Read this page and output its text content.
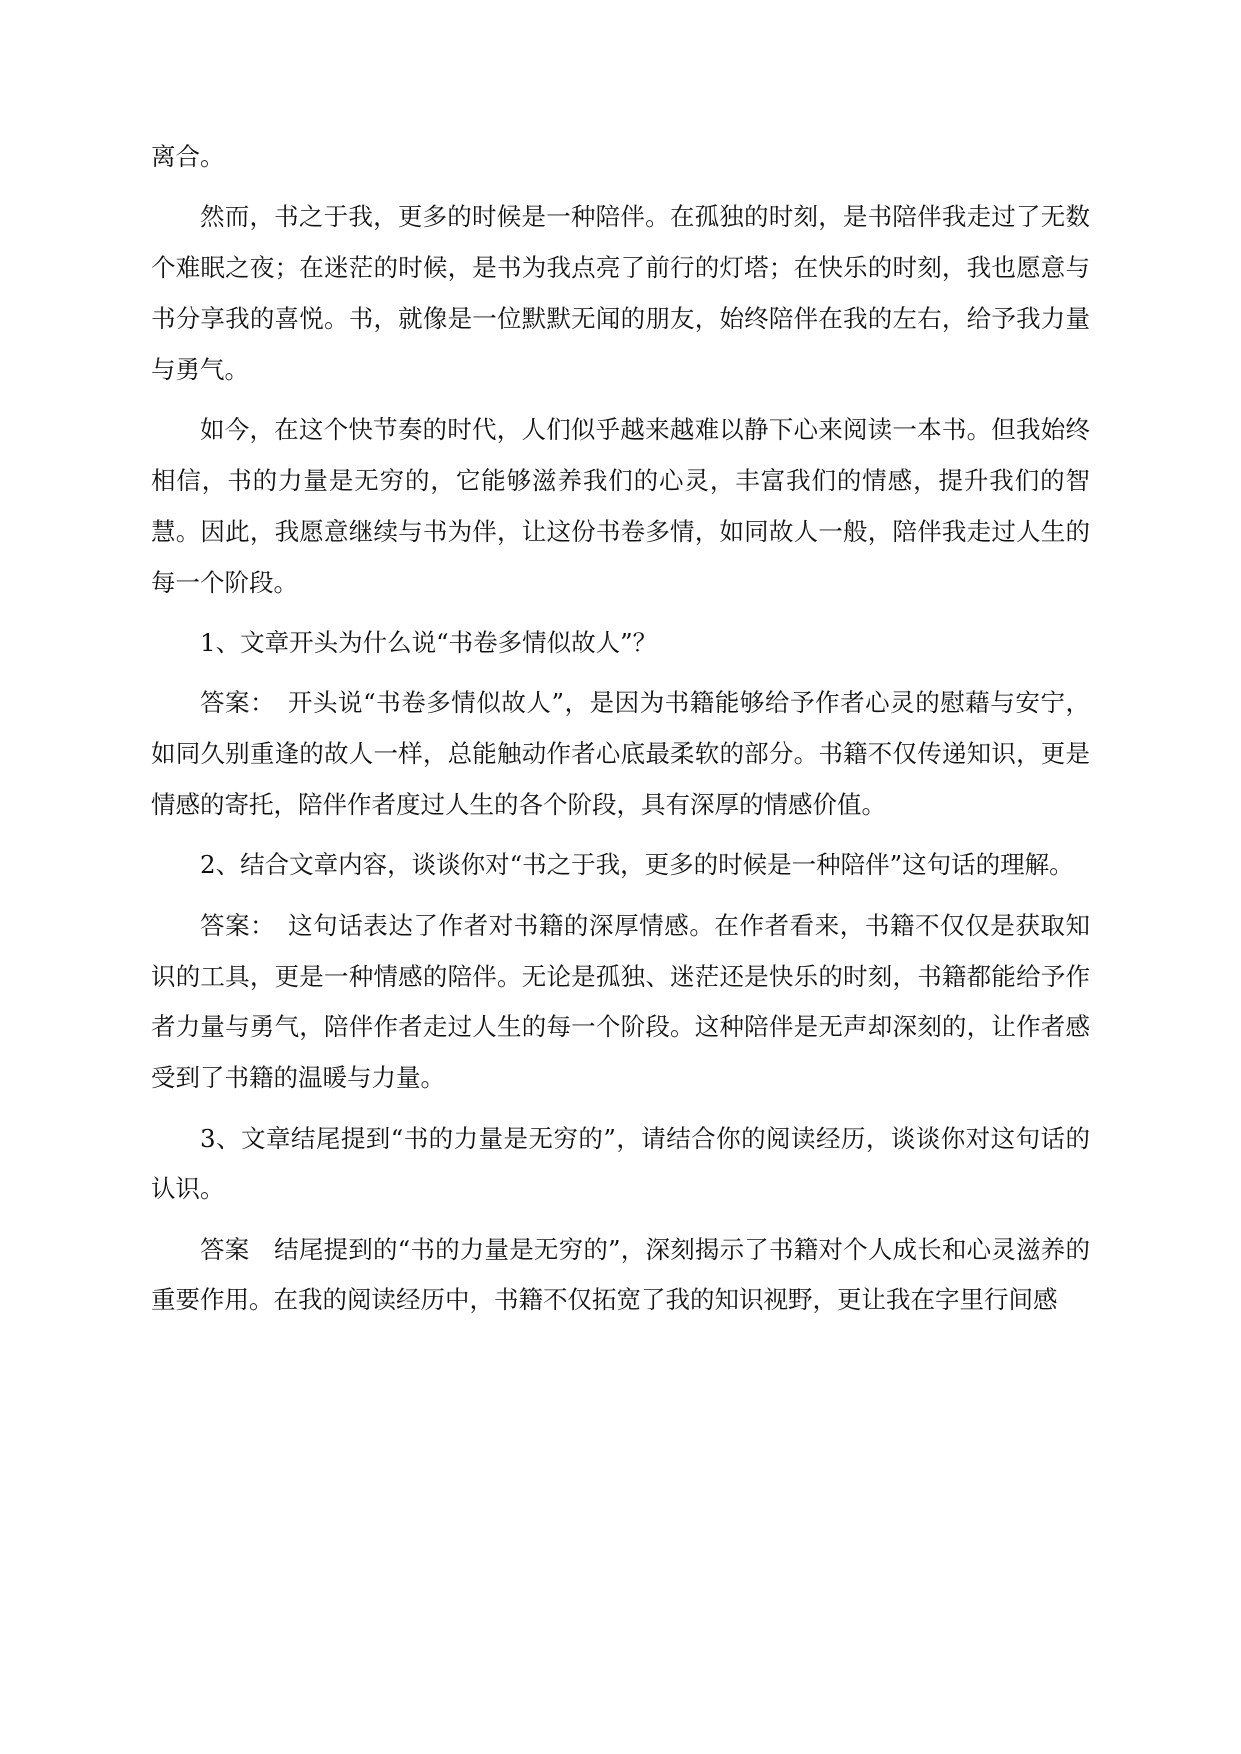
离合。

然而，书之于我，更多的时候是一种陪伴。在孤独的时刻，是书陪伴我走过了无数个难眠之夜；在迷茫的时候，是书为我点亮了前行的灯塔；在快乐的时刻，我也愿意与书分享我的喜悦。书，就像是一位默默无闻的朋友，始终陪伴在我的左右，给予我力量与勇气。

如今，在这个快节奏的时代，人们似乎越来越难以静下心来阅读一本书。但我始终相信，书的力量是无穷的，它能够滋养我们的心灵，丰富我们的情感，提升我们的智慧。因此，我愿意继续与书为伴，让这份书卷多情，如同故人一般，陪伴我走过人生的每一个阶段。

1、文章开头为什么说“书卷多情似故人”？

答案：　开头说“书卷多情似故人”，是因为书籍能够给予作者心灵的慰藉与安宁，如同久别重逢的故人一样，总能触动作者心底最柔软的部分。书籍不仅传递知识，更是情感的寄托，陪伴作者度过人生的各个阶段，具有深厚的情感价值。

2、结合文章内容，谈谈你对“书之于我，更多的时候是一种陪伴”这句话的理解。

答案：　这句话表达了作者对书籍的深厚情感。在作者看来，书籍不仅仅是获取知识的工具，更是一种情感的陪伴。无论是孤独、迷茫还是快乐的时刻，书籍都能给予作者力量与勇气，陪伴作者走过人生的每一个阶段。这种陪伴是无声却深刻的，让作者感受到了书籍的温暖与力量。

3、文章结尾提到“书的力量是无穷的”，请结合你的阅读经历，谈谈你对这句话的认识。

答案　结尾提到的“书的力量是无穷的”，深刻揭示了书籍对个人成长和心灵滋养的重要作用。在我的阅读经历中，书籍不仅拓宽了我的知识视野，更让我在字里行间感
